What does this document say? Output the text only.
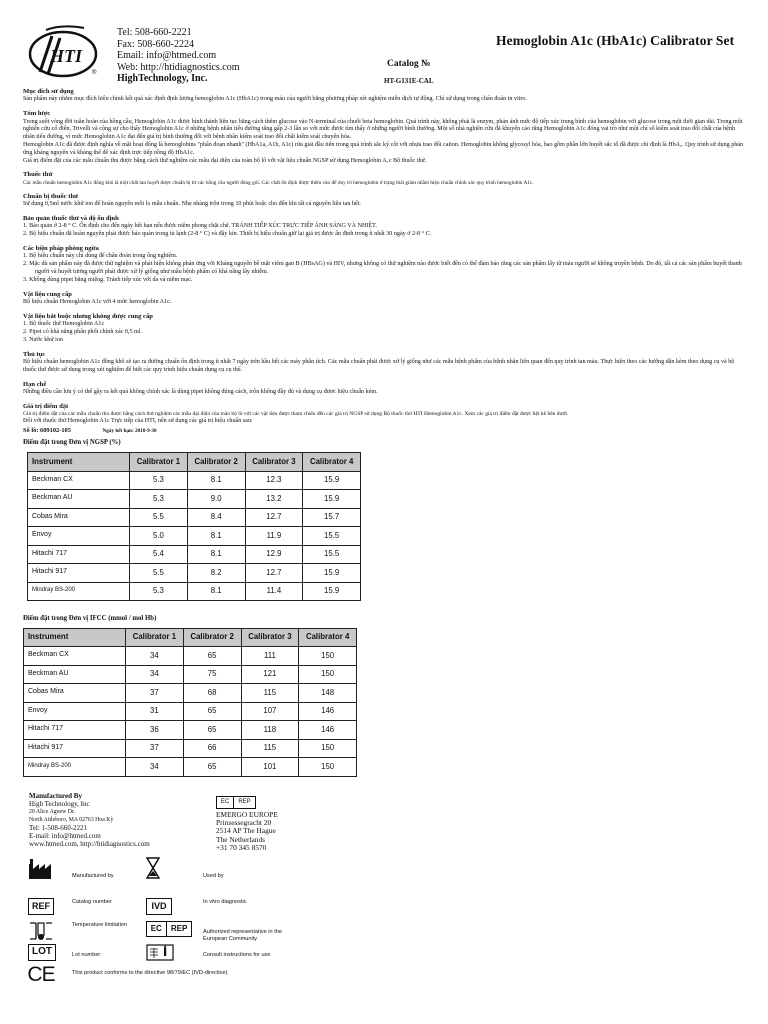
HTI
®
Tel: 508-660-2221
Fax: 508-660-2224
Email: info@htmed.com
Web: http://htidiagnostics.com
HighTechnology, Inc.
Hemoglobin A1c (HbA1c) Calibrator Set
Catalog №
HT-G131E-CAL
Mục đích sử dụng

Sản phẩm này nhằm mục đích hiệu chỉnh kết quả xác định định lượng hemoglobin A1c (HbA1c) trong máu của người bằng phương pháp xét nghiệm miễn dịch tự động. Chỉ sử dụng trong chẩn đoán in vitro.

Tóm lược

Trong suốt vòng đời tuần hoàn của hồng cầu, Hemoglobin A1c được hình thành liên tục bằng cách thêm glucose vào N-terminal của chuỗi beta hemoglobin. Quá trình này, không phải là enzym, phản ánh mức độ tiếp xúc trung bình của hemoglobin với glucose trong một thời gian dài. Trong một nghiên cứu cổ điển, Trivelli và cộng sự cho thấy Hemoglobin A1c ở những bệnh nhân tiểu đường tăng gấp 2-3 lần so với mức được tìm thấy ở những người bình thường. Một số nhà nghiên cứu đã khuyến cáo rằng Hemoglobin A1c đóng vai trò như một chỉ số kiểm soát trao đổi chất của bệnh nhân tiểu đường, vì mức Hemoglobin A1c đạt đến giá trị bình thường đối với bệnh nhân kiểm soát trao đổi chất kiểm soát chuyển hóa.

Hemoglobin A1c đã được định nghĩa về mặt hoạt động là hemoglobins "phân đoạn nhanh" (HbA1a, A1b, A1c) rửa giải đầu tiên trong quá trình sắc ký cột với nhựa trao đổi cation. Hemoglobin không glycosyl hóa, bao gồm phần lớn huyết sắc tố đã được chỉ định là HbA₀. Quy trình sử dụng phản ứng kháng nguyên và kháng thể để xác định trực tiếp nồng độ HbA1c.

Giá trị điểm đặt của các mẫu chuẩn thu được bằng cách thử nghiệm các mẫu đại diện của toàn bộ lô với vật liệu chuẩn NGSP sử dụng Hemoglobin A₁c Bộ thuốc thử.

Thuốc thử

Các mẫu chuẩn hemoglobin A1c đông khô là một chất tan huyết được chuẩn bị từ các hồng cầu người đóng gói. Các chất ổn định được thêm vào để duy trì hemoglobin ở trạng thái giảm nhằm hiệu chuẩn chính xác quy trình hemoglobin A1c.

Chuẩn bị thuốc thử

Sử dụng 0,5ml nước khử ion để hoàn nguyên mỗi lọ mẫu chuẩn. Nhẹ nhàng trộn trong 10 phút hoặc cho đến khi tất cả nguyên liệu tan hết.

Bảo quản thuốc thử và độ ổn định

1. Bảo quản ở 2-8 ° C. Ổn định cho đến ngày hết hạn nếu được niêm phong chặt chẽ. TRÁNH TIẾP XÚC TRỰC TIẾP ÁNH SÁNG VÀ NHIỆT.

2. Bộ hiệu chuẩn đã hoàn nguyên phải được bảo quản trong tủ lạnh (2-8 ° C) và đậy kín. Thiết bị hiệu chuẩn giữ lại giá trị được ấn định trong ít nhất 30 ngày ở 2-8 ° C.

Các biện pháp phòng ngừa

1. Bộ hiệu chuẩn này chỉ dùng để chẩn đoán trong ống nghiệm.

2. Mặc dù sản phẩm này đã được thử nghiệm và phát hiện không phản ứng với Kháng nguyên bề mặt viêm gan B (HBsAG) và HIV, nhưng không có thử nghiệm nào được biết đến có thể đảm bảo rằng các sản phẩm lấy từ máu người sẽ không truyền bệnh. Do đó, tất cả các sản phẩm huyết thanh người và huyết tương người phải được xử lý giống như mẫu bệnh phẩm có khả năng lây nhiễm.

3. Không dùng pipet bằng miệng. Tránh tiếp xúc với da và niêm mạc.

Vật liệu cung cấp

Bộ hiệu chuẩn Hemoglobin A1c với 4 mức hemoglobin A1c.

Vật liệu bắt buộc nhưng không được cung cấp

1. Bộ thuốc thử Hemoglobin A1c

2. Pipet có khả năng phân phối chính xác 0,5 ml.

3. Nước khử ion

Thủ tục

Bộ hiệu chuẩn hemoglobin A1c đông khô sẽ tạo ra đường chuẩn ổn định trong ít nhất 7 ngày trên hầu hết các máy phân tích. Các mẫu chuẩn phải được xử lý giống như các mẫu bệnh phẩm của bệnh nhân liên quan đến quy trình tan máu. Thực hiện theo các hướng dẫn kèm theo dụng cụ và bộ thuốc thử được sử dụng trong xét nghiệm để biết các quy trình hiệu chuẩn dụng cụ cụ thể.

Hạn chế

Những điều cần lưu ý có thể gây ra kết quả không chính xác là dùng pipet không đúng cách, trộn không đầy đủ và dụng cụ được hiệu chuẩn kém.

Giá trị điểm đặt

Giá trị điểm đặt của các mẫu chuẩn thu được bằng cách thử nghiệm các mẫu đại diện của toàn bộ lô với các vật liệu được tham chiếu đến các giá trị NGSP sử dụng Bộ thuốc thử HTI Hemoglobin A1c. Xem các giá trị điểm đặt được liệt kê bên dưới.

Đối với thuốc thử Hemoglobin A1c Trực tiếp của HTI, nên sử dụng các giá trị hiệu chuẩn sau:

Số lô: 609102-105	Ngày hết hạn: 2018-9-30
Điểm đặt trong Đơn vị NGSP (%)
Instrument	Calibrator 1	Calibrator 2	Calibrator 3	Calibrator 4
Beckman CX	5.3	8.1	12.3	15.9
Beckman AU	5.3	9.0	13.2	15.9
Cobas Mira	5.5	8.4	12.7	15.7
Envoy	5.0	8.1	11.9	15.5
Hitachi 717	5.4	8.1	12.9	15.5
Hitachi 917	5.5	8.2	12.7	15.9
Mindray BS-200	5.3	8.1	11.4	15.9
Điểm đặt trong Đơn vị IFCC (mmol / mol Hb)
Instrument	Calibrator 1	Calibrator 2	Calibrator 3	Calibrator 4
Beckman CX	34	65	111	150
Beckman AU	34	75	121	150
Cobas Mira	37	68	115	148
Envoy	31	65	107	146
Hitachi 717	36	65	118	146
Hitachi 917	37	66	115	150
Mindray BS-200	34	65	101	150
Manufactured By
High Technology, Inc
20 Alice Agnew Dr.
North Attleboro, MA 02763 Hoa Kỳ
Tel: 1-508-660-2221
E-mail: info@htmed.com
www.htmed.com, http://htidiagnostics.com
EC	REP
EMERGO EUROPE
Prinsessegracht 20
2514 AP The Hague
The Netherlands
+31 70 345 8570
Manufactured by	Used by
REF	Catalog number	IVD	In vitro diagnostic
Temperature limitation	EC	REP	Authorized representative in the European Community
LOT	Lot number	Consult instructions for use
CE	This product conforms to the directive 98/79/EC (IVD-directive)
